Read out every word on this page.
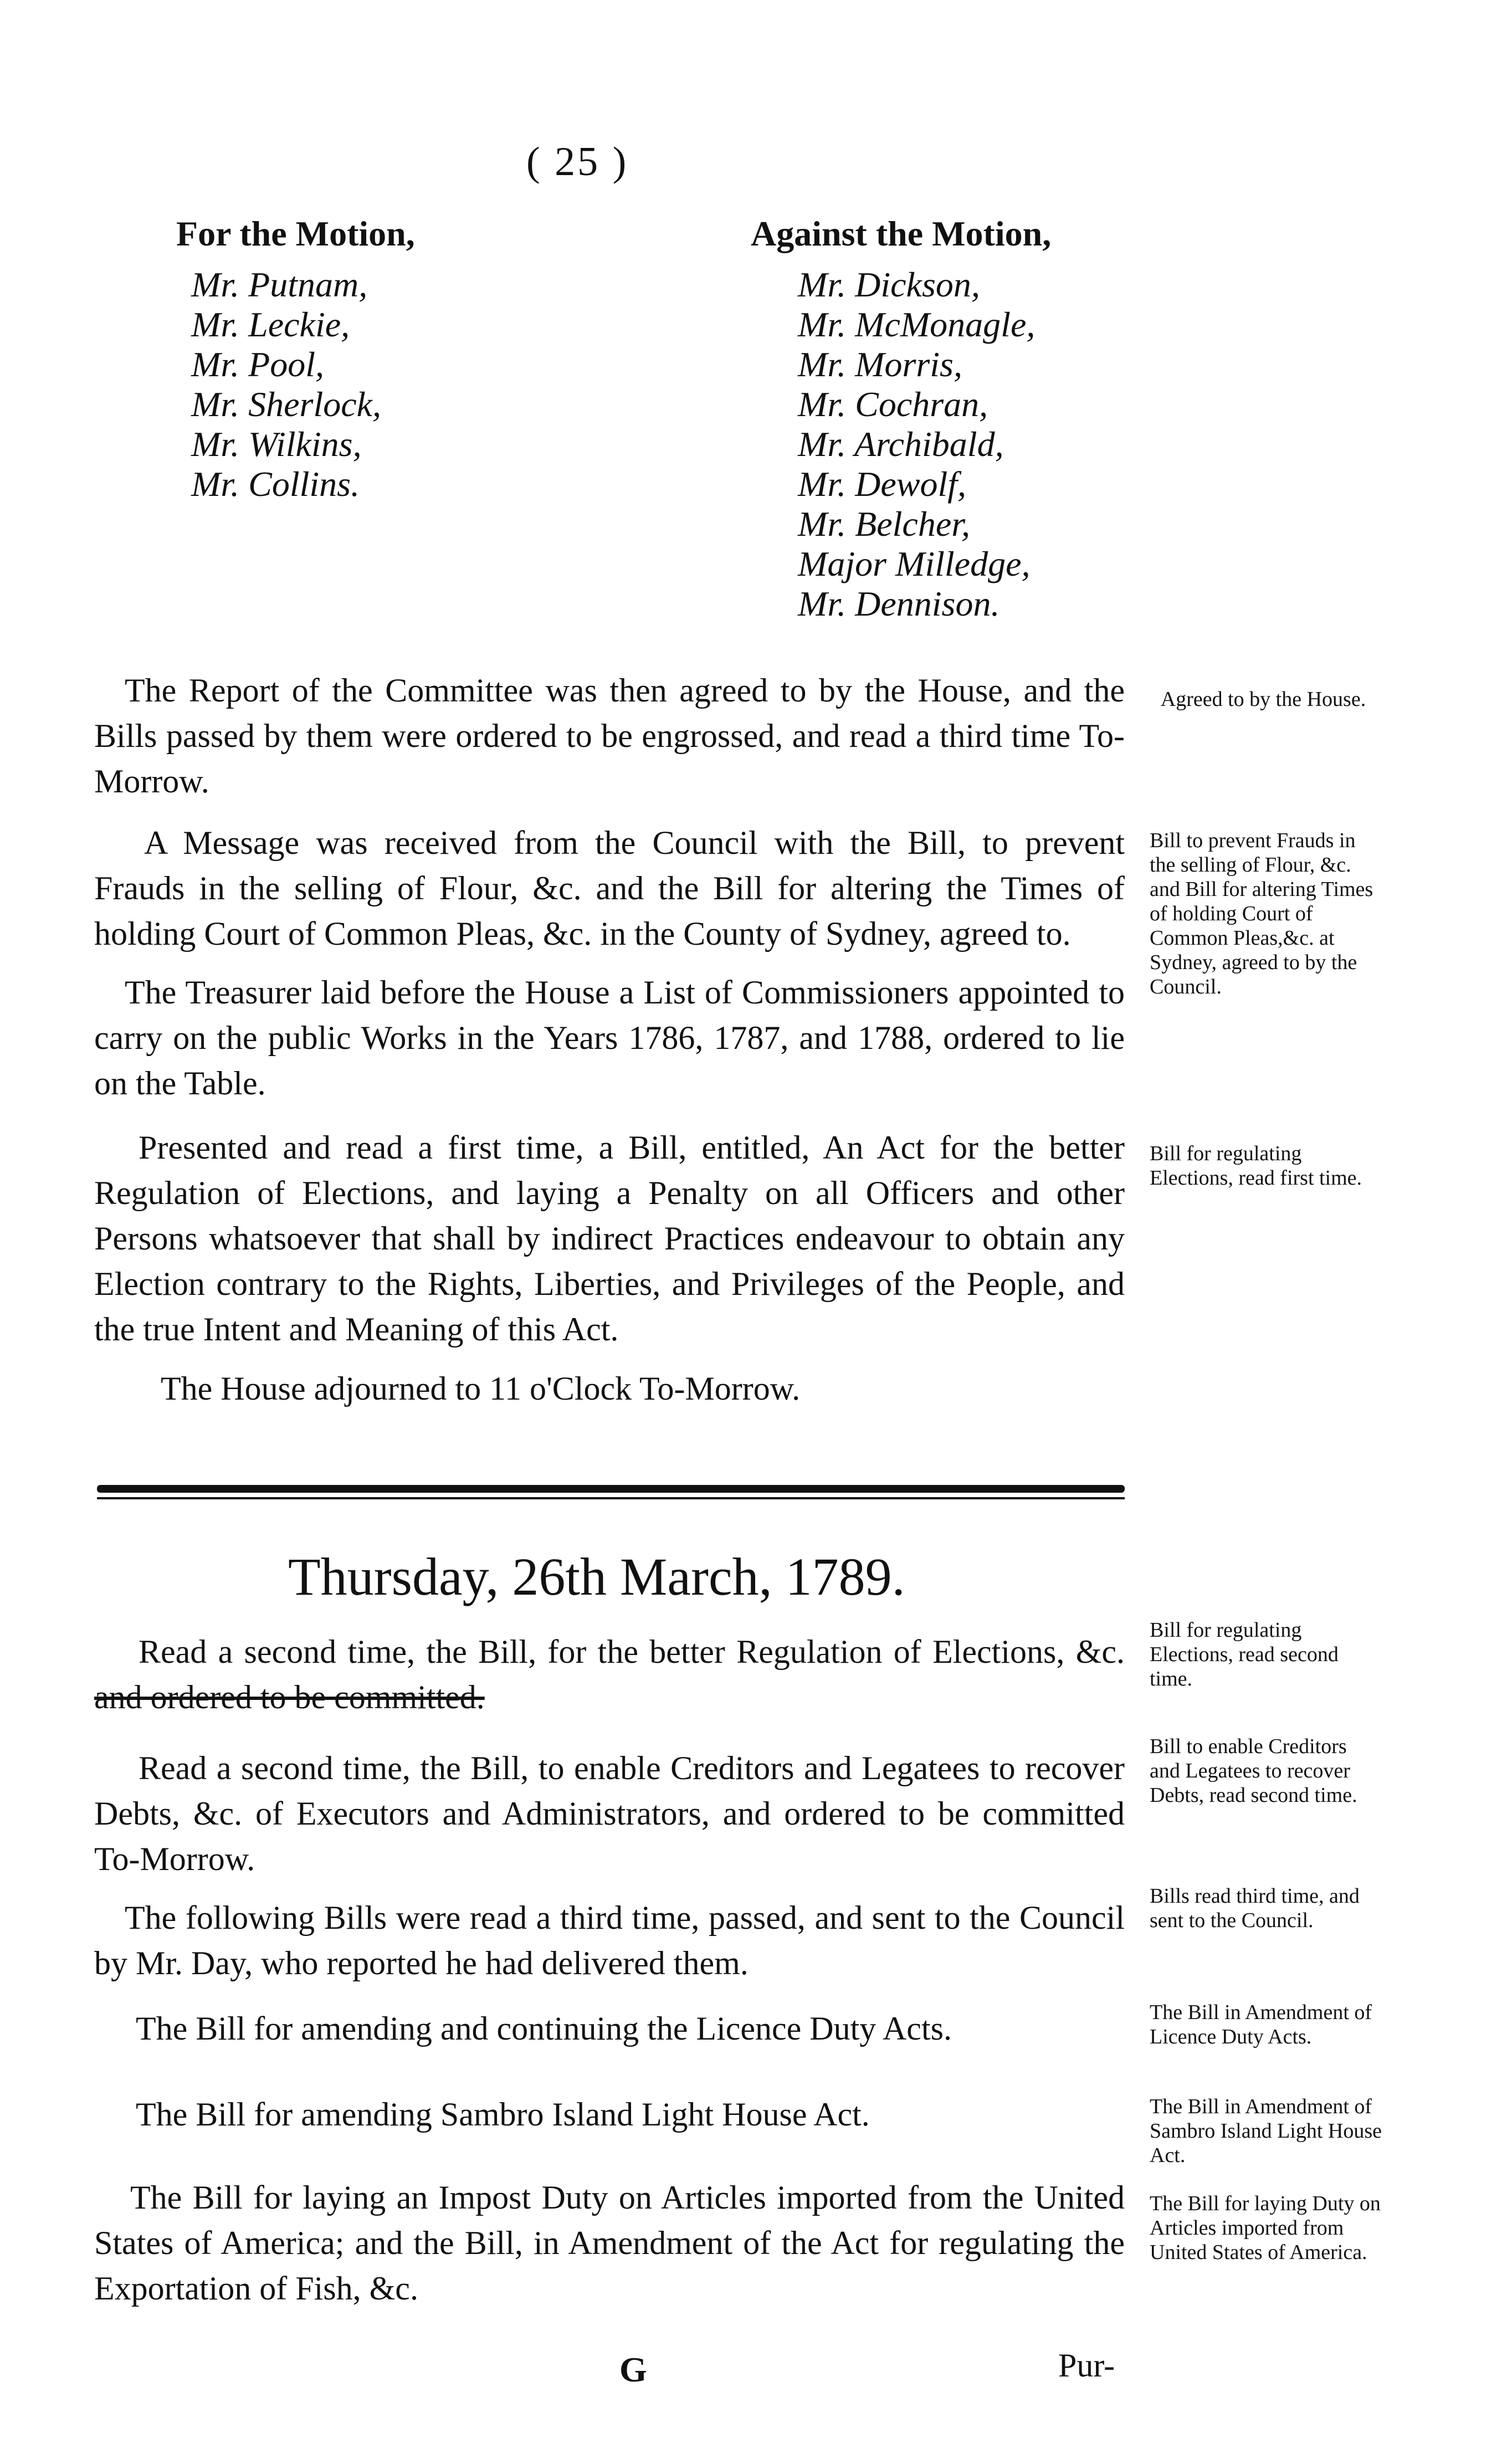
( 25 )
For the Motion,
Mr. Putnam,
Mr. Leckie,
Mr. Pool,
Mr. Sherlock,
Mr. Wilkins,
Mr. Collins.
Against the Motion,
Mr. Dickson,
Mr. McMonagle,
Mr. Morris,
Mr. Cochran,
Mr. Archibald,
Mr. Dewolf,
Mr. Belcher,
Major Milledge,
Mr. Dennison.

The Report of the Committee was then agreed to by the House, and the Bills passed by them were ordered to be engrossed, and read a third time To-Morrow.

A Message was received from the Council with the Bill, to prevent Frauds in the selling of Flour, &c. and the Bill for altering the Times of holding Court of Common Pleas, &c. in the County of Sydney, agreed to.

The Treasurer laid before the House a List of Commissioners appointed to carry on the public Works in the Years 1786, 1787, and 1788, ordered to lie on the Table.

Presented and read a first time, a Bill, entitled, An Act for the better Regulation of Elections, and laying a Penalty on all Officers and other Persons whatsoever that shall by indirect Practices endeavour to obtain any Election contrary to the Rights, Liberties, and Privileges of the People, and the true Intent and Meaning of this Act.

The House adjourned to 11 o'Clock To-Morrow.

Thursday, 26th March, 1789.

Read a second time, the Bill, for the better Regulation of Elections, &c. and ordered to be committed.

Read a second time, the Bill, to enable Creditors and Legatees to recover Debts, &c. of Executors and Administrators, and ordered to be committed To-Morrow.

The following Bills were read a third time, passed, and sent to the Council by Mr. Day, who reported he had delivered them.

The Bill for amending and continuing the Licence Duty Acts.

The Bill for amending Sambro Island Light House Act.

The Bill for laying an Impost Duty on Articles imported from the United States of America; and the Bill, in Amendment of the Act for regulating the Exportation of Fish, &c.

Agreed to by the House.
Bill to prevent Frauds in the selling of Flour, &c. and Bill for altering Times of holding Court of Common Pleas,&c. at Sydney, agreed to by the Council.
Bill for regulating Elections, read first time.
Bill for regulating Elections, read second time.
Bill to enable Creditors and Legatees to recover Debts, read second time.
Bills read third time, and sent to the Council.
The Bill in Amendment of Licence Duty Acts.
The Bill in Amendment of Sambro Island Light House Act.
The Bill for laying Duty on Articles imported from United States of America.
G	Pur-
